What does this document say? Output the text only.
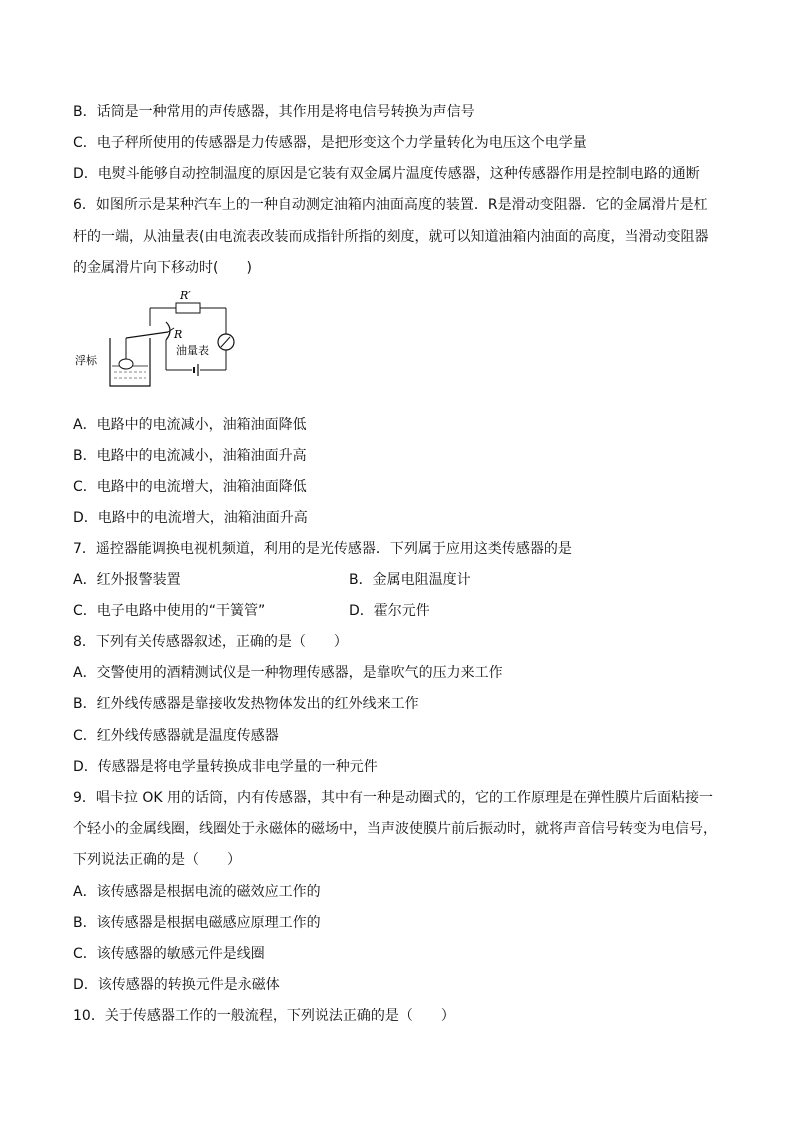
B．话筒是一种常用的声传感器，其作用是将电信号转换为声信号
C．电子秤所使用的传感器是力传感器，是把形变这个力学量转化为电压这个电学量
D．电熨斗能够自动控制温度的原因是它装有双金属片温度传感器，这种传感器作用是控制电路的通断
6．如图所示是某种汽车上的一种自动测定油箱内油面高度的装置．R是滑动变阻器．它的金属滑片是杠
杆的一端，从油量表(由电流表改装而成指针所指的刻度，就可以知道油箱内油面的高度，当滑动变阻器
的金属滑片向下移动时(　　)
R′
R
油量表
浮标
A．电路中的电流减小，油箱油面降低
B．电路中的电流减小，油箱油面升高
C．电路中的电流增大，油箱油面降低
D．电路中的电流增大，油箱油面升高
7．遥控器能调换电视机频道，利用的是光传感器．下列属于应用这类传感器的是
A．红外报警装置	B．金属电阻温度计
C．电子电路中使用的“干簧管”	D．霍尔元件
8．下列有关传感器叙述，正确的是（　　）
A．交警使用的酒精测试仪是一种物理传感器，是靠吹气的压力来工作
B．红外线传感器是靠接收发热物体发出的红外线来工作
C．红外线传感器就是温度传感器
D．传感器是将电学量转换成非电学量的一种元件
9．唱卡拉 OK 用的话筒，内有传感器，其中有一种是动圈式的，它的工作原理是在弹性膜片后面粘接一
个轻小的金属线圈，线圈处于永磁体的磁场中，当声波使膜片前后振动时，就将声音信号转变为电信号，
下列说法正确的是（　　）
A．该传感器是根据电流的磁效应工作的
B．该传感器是根据电磁感应原理工作的
C．该传感器的敏感元件是线圈
D．该传感器的转换元件是永磁体
10．关于传感器工作的一般流程，下列说法正确的是（　　）
